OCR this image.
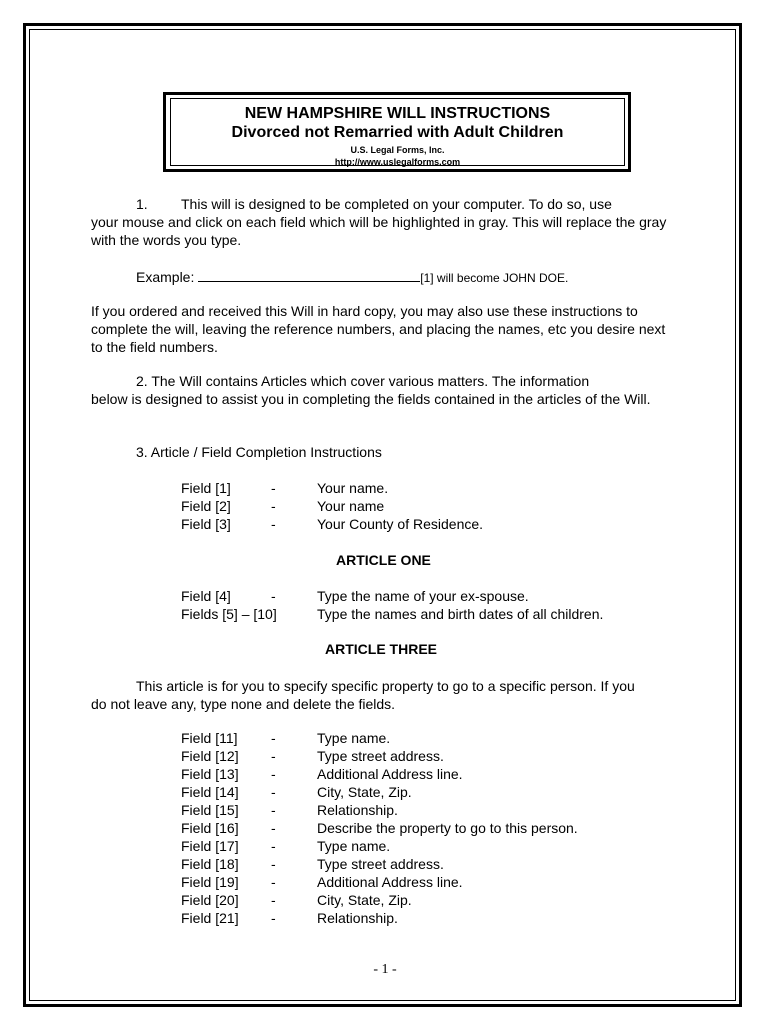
NEW HAMPSHIRE WILL INSTRUCTIONS
Divorced not Remarried with Adult Children
U.S. Legal Forms, Inc.
http://www.uslegalforms.com
1. This will is designed to be completed on your computer. To do so, use
your mouse and click on each field which will be highlighted in gray. This will replace the gray with the words you type.
Example:	[1] will become JOHN DOE.
If you ordered and received this Will in hard copy, you may also use these instructions to complete the will, leaving the reference numbers, and placing the names, etc you desire next to the field numbers.
2. The Will contains Articles which cover various matters. The information
below is designed to assist you in completing the fields contained in the articles of the Will.
3. Article / Field Completion Instructions
Field [1]	-	Your name.
Field [2]	-	Your name
Field [3]	-	Your County of Residence.
ARTICLE ONE
Field [4]	-	Type the name of your ex-spouse.
Fields [5] – [10]	Type the names and birth dates of all children.
ARTICLE THREE
This article is for you to specify specific property to go to a specific person. If you
do not leave any, type none and delete the fields.
Field [11] -	Type name.
Field [12] -	Type street address.
Field [13] -	Additional Address line.
Field [14] -	City, State, Zip.
Field [15] -	Relationship.
Field [16] -	Describe the property to go to this person.
Field [17] -	Type name.
Field [18] -	Type street address.
Field [19] -	Additional Address line.
Field [20] -	City, State, Zip.
Field [21] -	Relationship.
- 1 -
